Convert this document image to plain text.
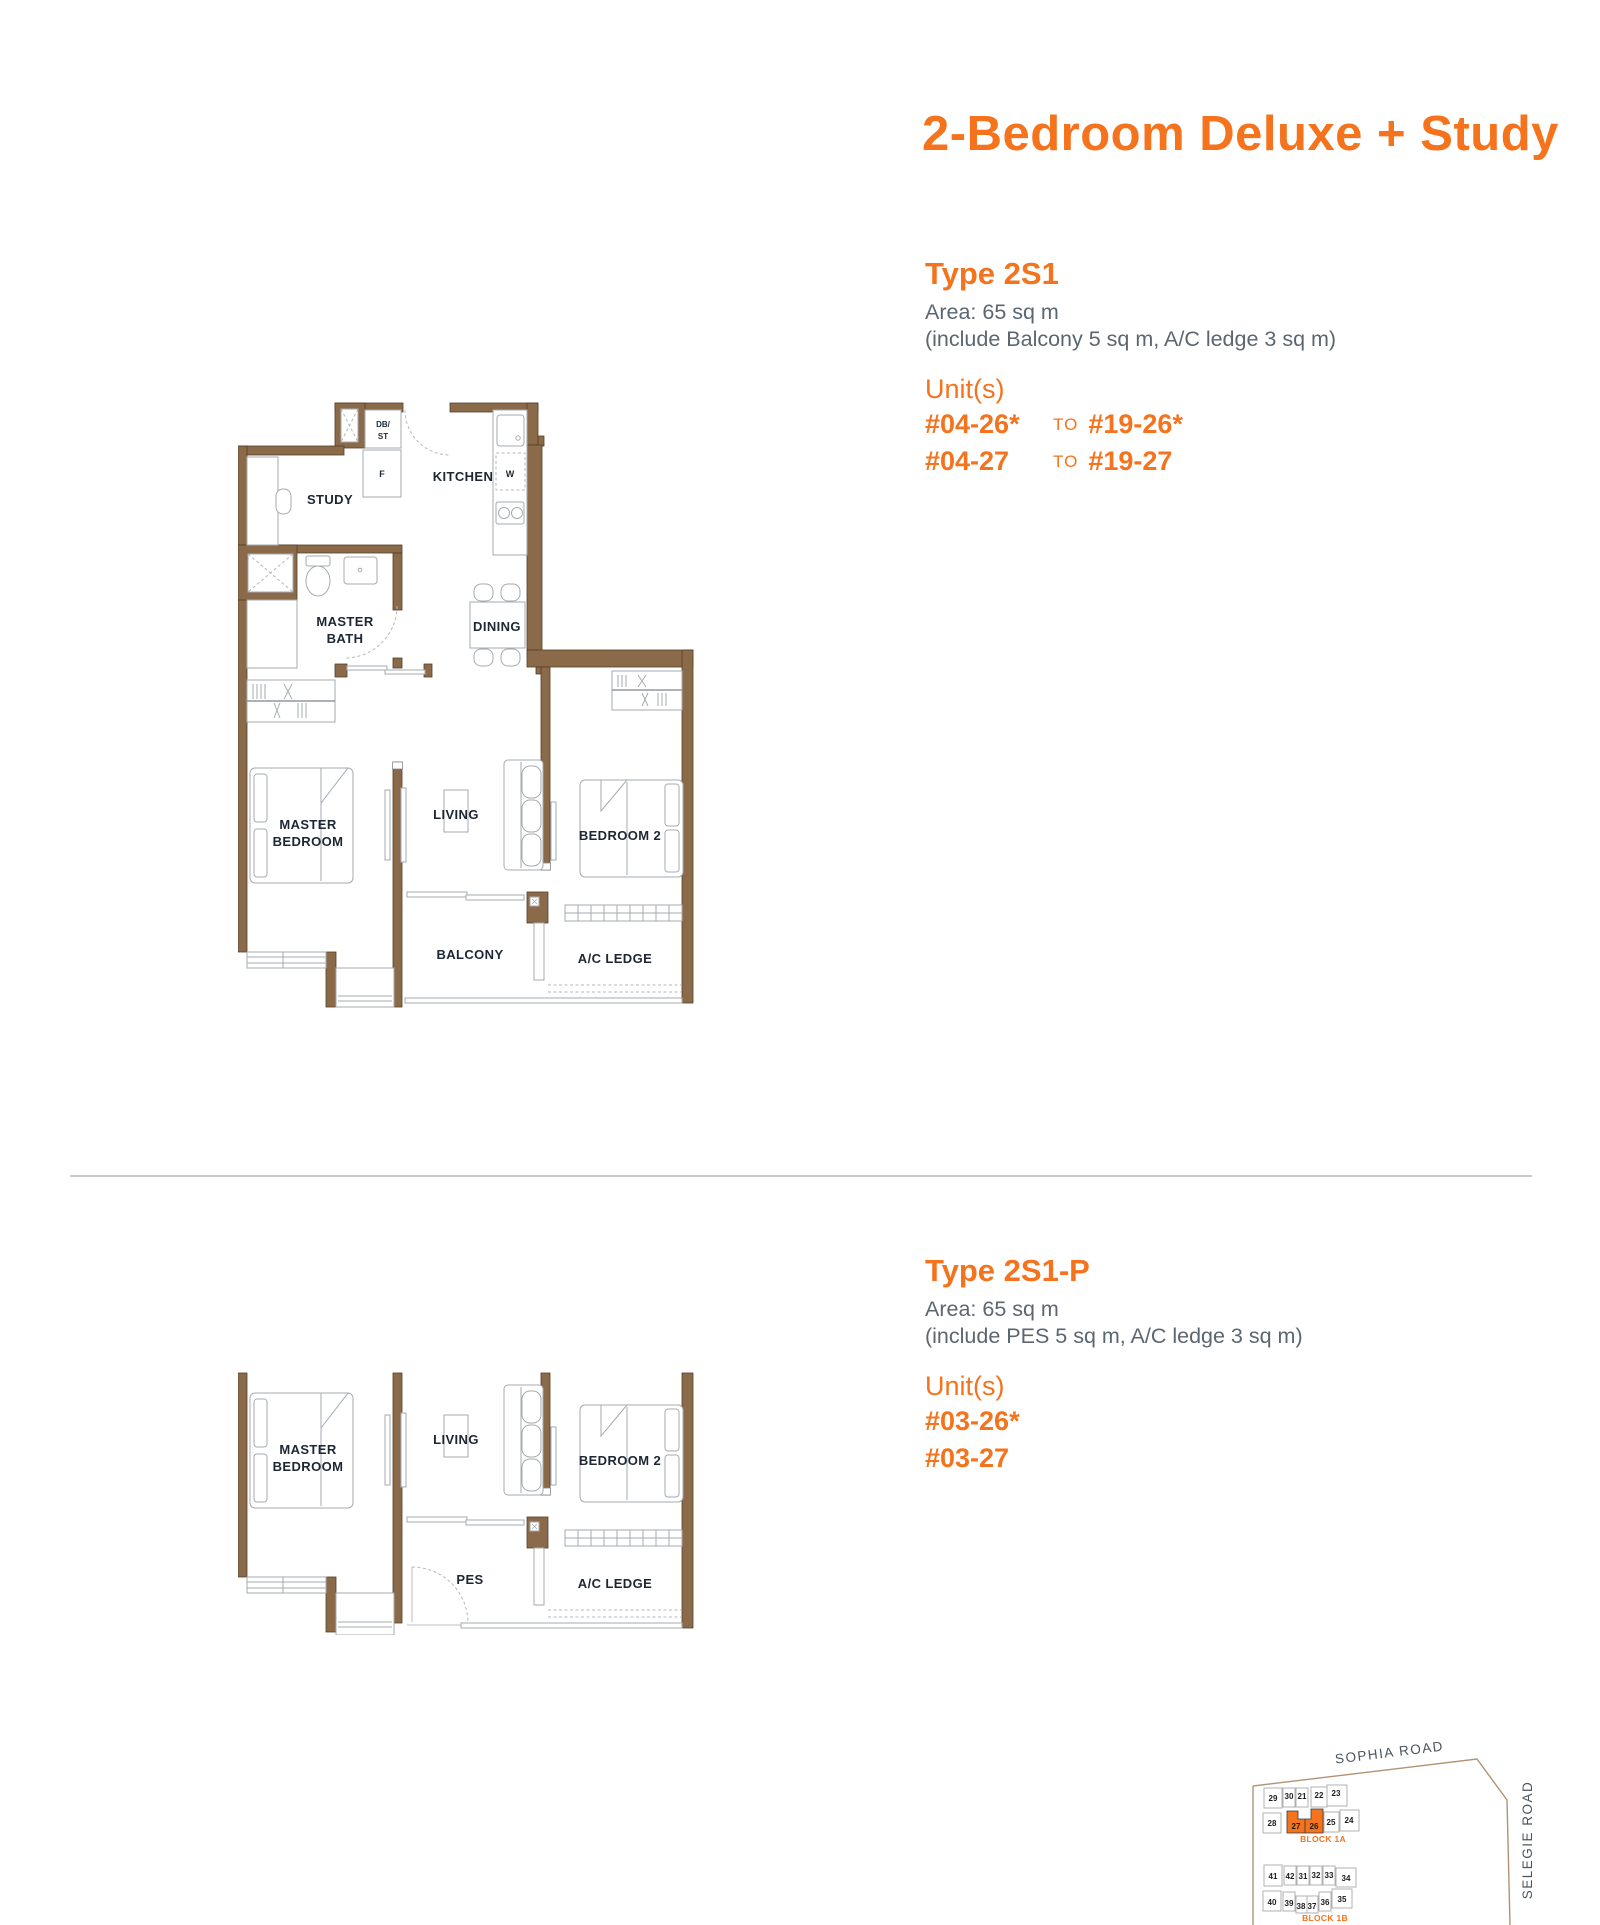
2-Bedroom Deluxe + Study
Type 2S1
Area: 65 sq m
(include Balcony 5 sq m, A/C ledge 3 sq m)
Unit(s)
#04-26* TO #19-26*
#04-27	TO #19-27
DB/
ST
F
STUDY
W
KITCHEN
MASTER
BATH
DINING
MASTER
BEDROOM
LIVING
BEDROOM 2
BALCONY	A/C LEDGE
Type 2S1-P
Area: 65 sq m
(include PES 5 sq m, A/C ledge 3 sq m)
Unit(s)
#03-26*
#03-27
MASTER
BEDROOM
LIVING
BEDROOM 2
PES	A/C LEDGE
SOPHIA ROAD
SELEGIE ROAD
29 30 21 22 23
28 27 26 25 24
BLOCK 1A
41 42 31 32 33 34
40 39 38 37 36 35
BLOCK 1B
